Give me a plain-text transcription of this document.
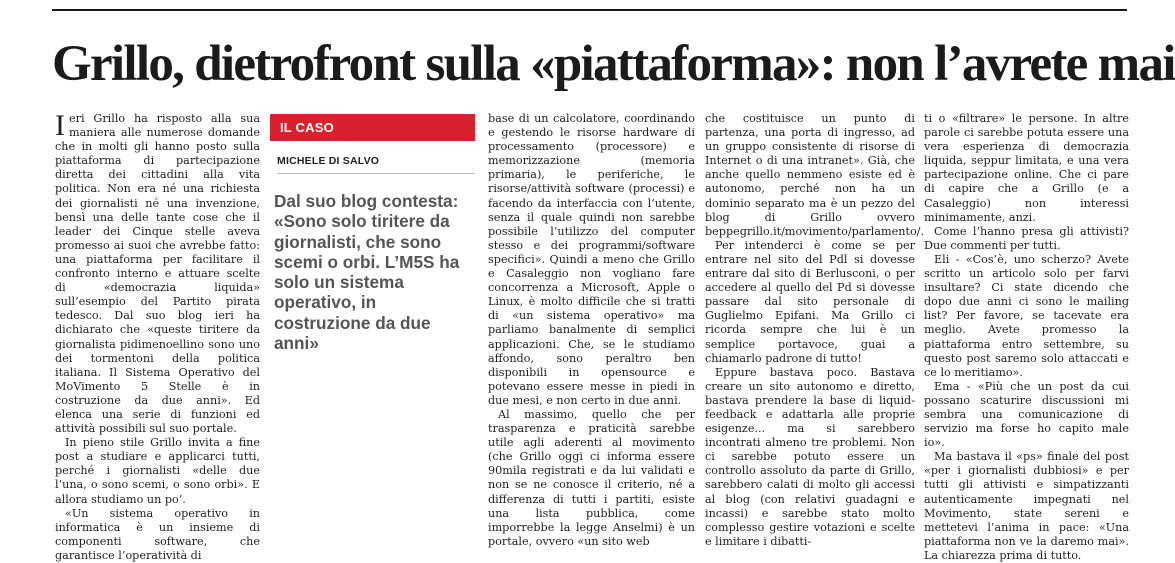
Grillo, dietrofront sulla «piattaforma»: non l’avrete mai

Ieri Grillo ha risposto alla sua maniera alle numerose domande che in molti gli hanno posto sulla piattaforma di partecipazione diretta dei cittadini alla vita politica. Non era né una richiesta dei giornalisti né una invenzione, bensì una delle tante cose che il leader dei Cinque stelle aveva promesso ai suoi che avrebbe fatto: una piattaforma per facilitare il confronto interno e attuare scelte di «democrazia liquida» sull’esempio del Partito pirata tedesco. Dal suo blog ieri ha dichiarato che «queste tiritere da giornalista pidimenoellino sono uno dei tormentoni della politica italiana. Il Sistema Operativo del MoVimento 5 Stelle è in costruzione da due anni». Ed elenca una serie di funzioni ed attività possibili sul suo portale.

In pieno stile Grillo invita a fine post a studiare e applicarci tutti, perché i giornalisti «delle due l’una, o sono scemi, o sono orbi». E allora studiamo un po’.

«Un sistema operativo in informatica è un insieme di componenti software, che garantisce l’operatività di

IL CASO
MICHELE DI SALVO
Dal suo blog contesta: «Sono solo tiritere da giornalisti, che sono scemi o orbi. L’M5S ha solo un sistema operativo, in costruzione da due anni»

base di un calcolatore, coordinando e gestendo le risorse hardware di processamento (processore) e memorizzazione (memoria primaria), le periferiche, le risorse/attività software (processi) e facendo da interfaccia con l’utente, senza il quale quindi non sarebbe possibile l’utilizzo del computer stesso e dei programmi/software specifici». Quindi a meno che Grillo e Casaleggio non vogliano fare concorrenza a Microsoft, Apple o Linux, è molto difficile che si tratti di «un sistema operativo» ma parliamo banalmente di semplici applicazioni. Che, se le studiamo affondo, sono peraltro ben disponibili in opensource e potevano essere messe in piedi in due mesi, e non certo in due anni.

Al massimo, quello che per trasparenza e praticità sarebbe utile agli aderenti al movimento (che Grillo oggi ci informa essere 90mila registrati e da lui validati e non se ne conosce il criterio, né a differenza di tutti i partiti, esiste una lista pubblica, come imporrebbe la legge Anselmi) è un portale, ovvero «un sito web

che costituisce un punto di partenza, una porta di ingresso, ad un gruppo consistente di risorse di Internet o di una intranet». Già, che anche quello nemmeno esiste ed è autonomo, perché non ha un dominio separato ma è un pezzo del blog di Grillo ovvero beppegrillo.it/movimento/parlamento/.

Per intenderci è come se per entrare nel sito del Pdl si dovesse entrare dal sito di Berlusconi, o per accedere al quello del Pd si dovesse passare dal sito personale di Guglielmo Epifani. Ma Grillo ci ricorda sempre che lui è un semplice portavoce, guai a chiamarlo padrone di tutto!

Eppure bastava poco. Bastava creare un sito autonomo e diretto, bastava prendere la base di liquid-feedback e adattarla alle proprie esigenze... ma si sarebbero incontrati almeno tre problemi. Non ci sarebbe potuto essere un controllo assoluto da parte di Grillo, sarebbero calati di molto gli accessi al blog (con relativi guadagni e incassi) e sarebbe stato molto complesso gestire votazioni e scelte e limitare i dibatti-

ti o «filtrare» le persone. In altre parole ci sarebbe potuta essere una vera esperienza di democrazia liquida, seppur limitata, e una vera partecipazione online. Che ci pare di capire che a Grillo (e a Casaleggio) non interessi minimamente, anzi.

Come l’hanno presa gli attivisti? Due commenti per tutti.

Eli - «Cos’è, uno scherzo? Avete scritto un articolo solo per farvi insultare? Ci state dicendo che dopo due anni ci sono le mailing list? Per favore, se tacevate era meglio. Avete promesso la piattaforma entro settembre, su questo post saremo solo attaccati e ce lo meritiamo».

Ema - «Più che un post da cui possano scaturire discussioni mi sembra una comunicazione di servizio ma forse ho capito male io».

Ma bastava il «ps» finale del post «per i giornalisti dubbiosi» e per tutti gli attivisti e simpatizzanti autenticamente impegnati nel Movimento, state sereni e mettetevi l’anima in pace: «Una piattaforma non ve la daremo mai». La chiarezza prima di tutto.
